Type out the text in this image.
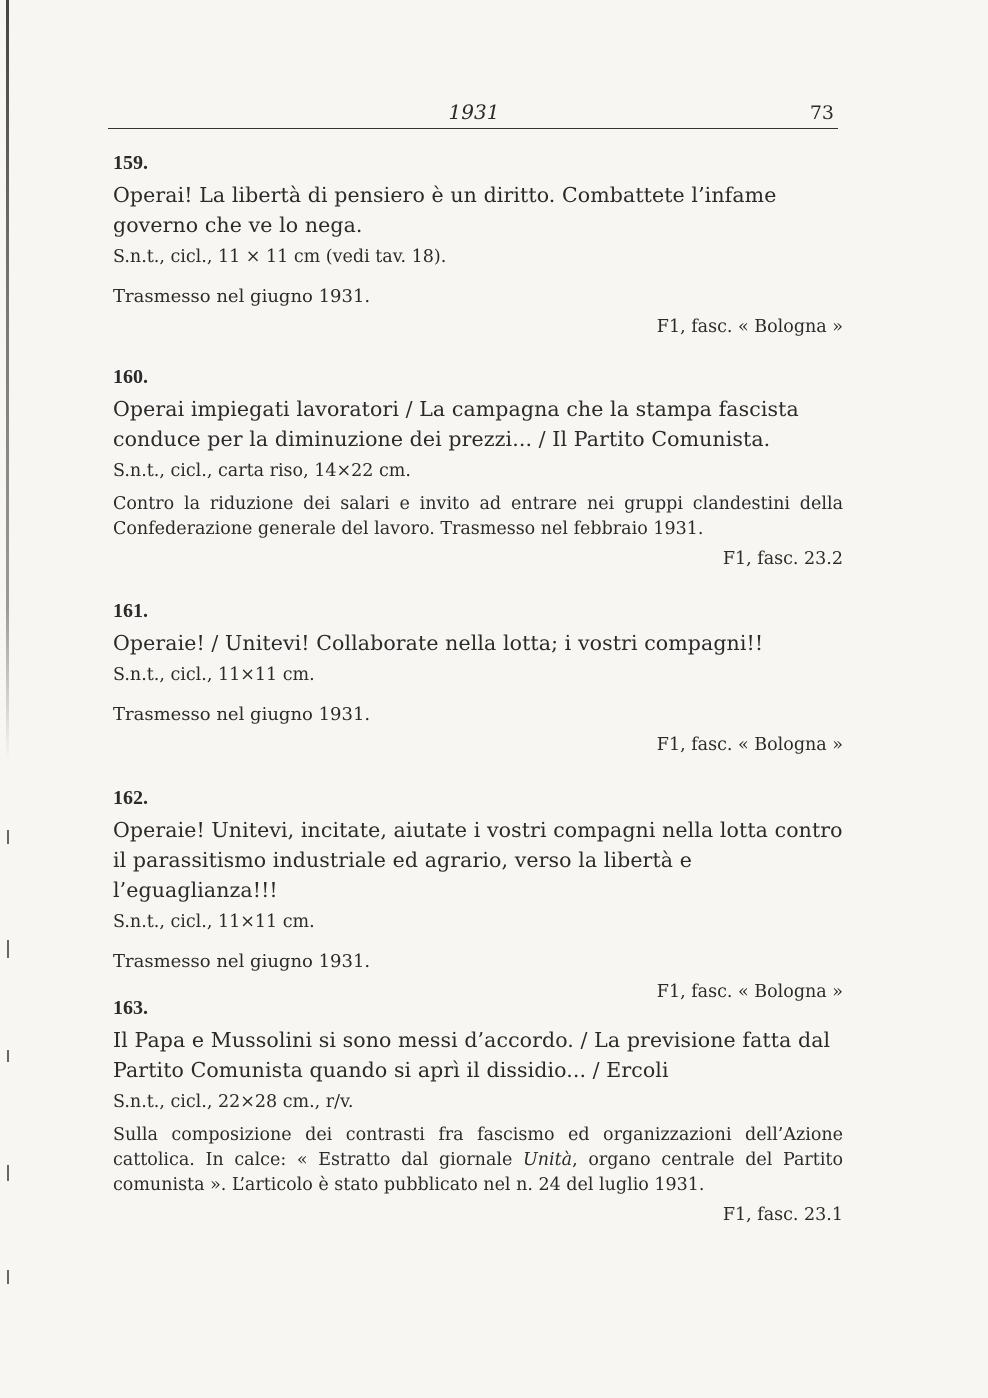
1931	73

159.

Operai! La libertà di pensiero è un diritto. Combattete l’infame governo che ve lo nega.

S.n.t., cicl., 11 × 11 cm (vedi tav. 18).

Trasmesso nel giugno 1931.

F1, fasc. « Bologna »

160.

Operai impiegati lavoratori / La campagna che la stampa fascista conduce per la diminuzione dei prezzi... / Il Partito Comunista.

S.n.t., cicl., carta riso, 14×22 cm.

Contro la riduzione dei salari e invito ad entrare nei gruppi clandestini della Confederazione generale del lavoro. Trasmesso nel febbraio 1931.

F1, fasc. 23.2

161.

Operaie! / Unitevi! Collaborate nella lotta; i vostri compagni!!

S.n.t., cicl., 11×11 cm.

Trasmesso nel giugno 1931.

F1, fasc. « Bologna »

162.

Operaie! Unitevi, incitate, aiutate i vostri compagni nella lotta contro il parassitismo industriale ed agrario, verso la libertà e l’eguaglianza!!!

S.n.t., cicl., 11×11 cm.

Trasmesso nel giugno 1931.

F1, fasc. « Bologna »

163.

Il Papa e Mussolini si sono messi d’accordo. / La previsione fatta dal Partito Comunista quando si aprì il dissidio... / Ercoli

S.n.t., cicl., 22×28 cm., r/v.

Sulla composizione dei contrasti fra fascismo ed organizzazioni dell’Azione cattolica. In calce: « Estratto dal giornale Unità, organo centrale del Partito comunista ». L’articolo è stato pubblicato nel n. 24 del luglio 1931.

F1, fasc. 23.1
